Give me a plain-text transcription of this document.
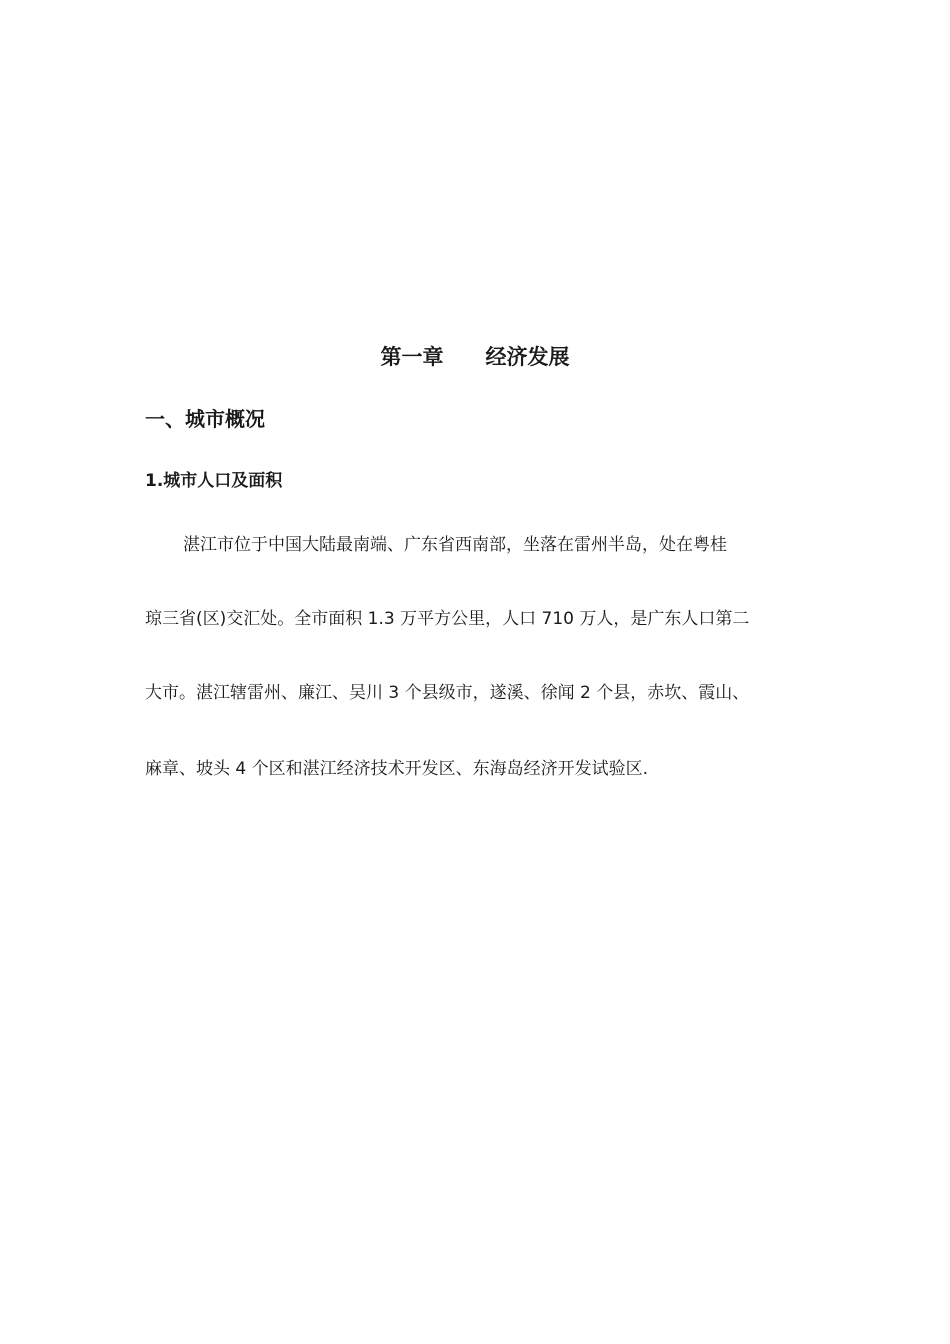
第一章　　经济发展
一、城市概况
1.城市人口及面积
湛江市位于中国大陆最南端、广东省西南部，坐落在雷州半岛，处在粤桂
琼三省(区)交汇处。全市面积 1.3 万平方公里，人口 710 万人，是广东人口第二
大市。湛江辖雷州、廉江、吴川 3 个县级市，遂溪、徐闻 2 个县，赤坎、霞山、
麻章、坡头 4 个区和湛江经济技术开发区、东海岛经济开发试验区.
